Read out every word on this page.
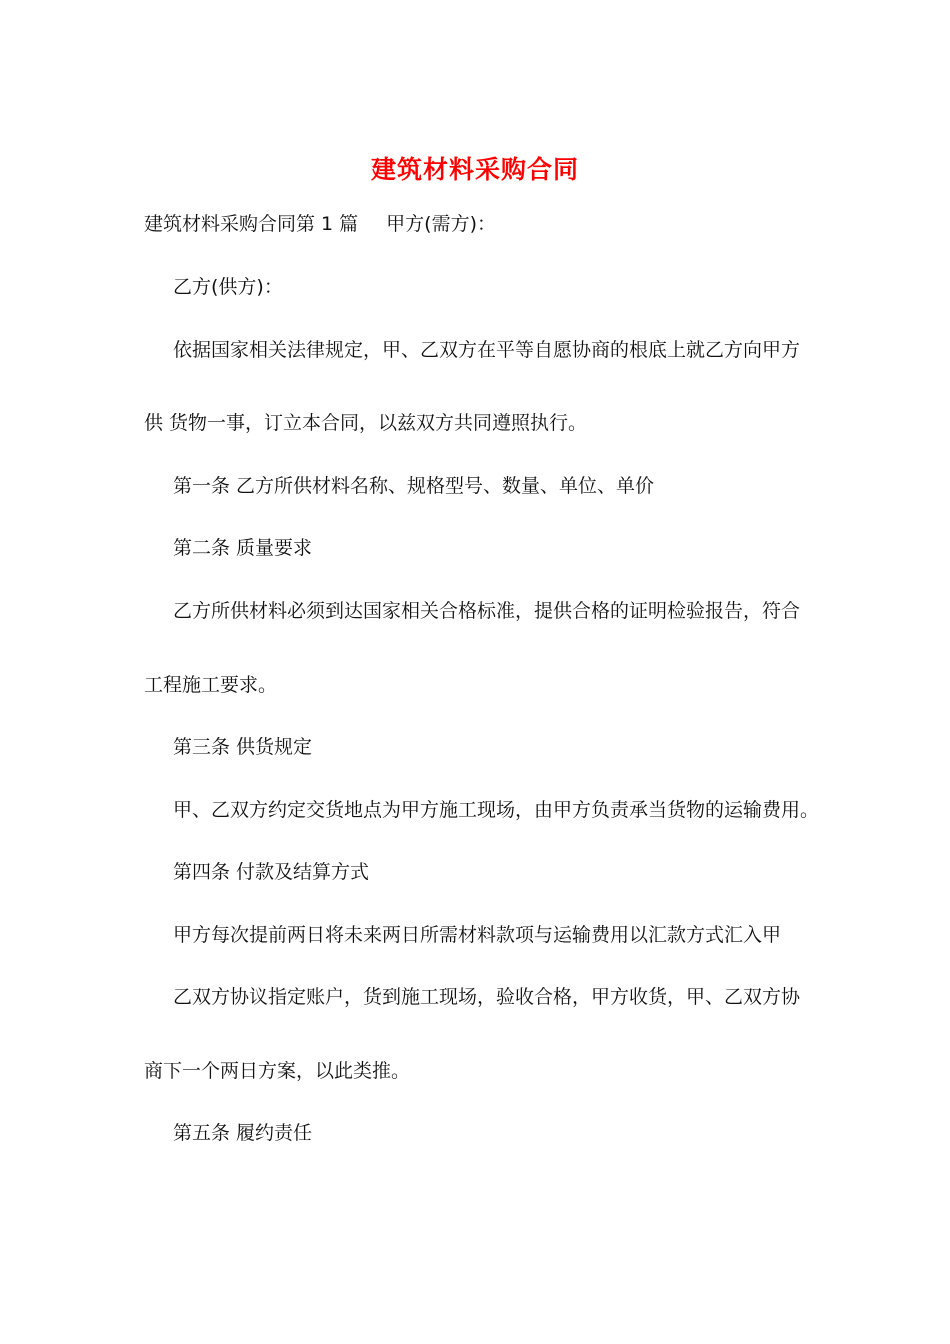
建筑材料采购合同
建筑材料采购合同第 1 篇 甲方(需方)：
乙方(供方)：
依据国家相关法律规定，甲、乙双方在平等自愿协商的根底上就乙方向甲方
供 货物一事，订立本合同，以兹双方共同遵照执行。
第一条 乙方所供材料名称、规格型号、数量、单位、单价
第二条 质量要求
乙方所供材料必须到达国家相关合格标准，提供合格的证明检验报告，符合
工程施工要求。
第三条 供货规定
甲、乙双方约定交货地点为甲方施工现场，由甲方负责承当货物的运输费用。
第四条 付款及结算方式
甲方每次提前两日将未来两日所需材料款项与运输费用以汇款方式汇入甲
乙双方协议指定账户，货到施工现场，验收合格，甲方收货，甲、乙双方协
商下一个两日方案，以此类推。
第五条 履约责任
